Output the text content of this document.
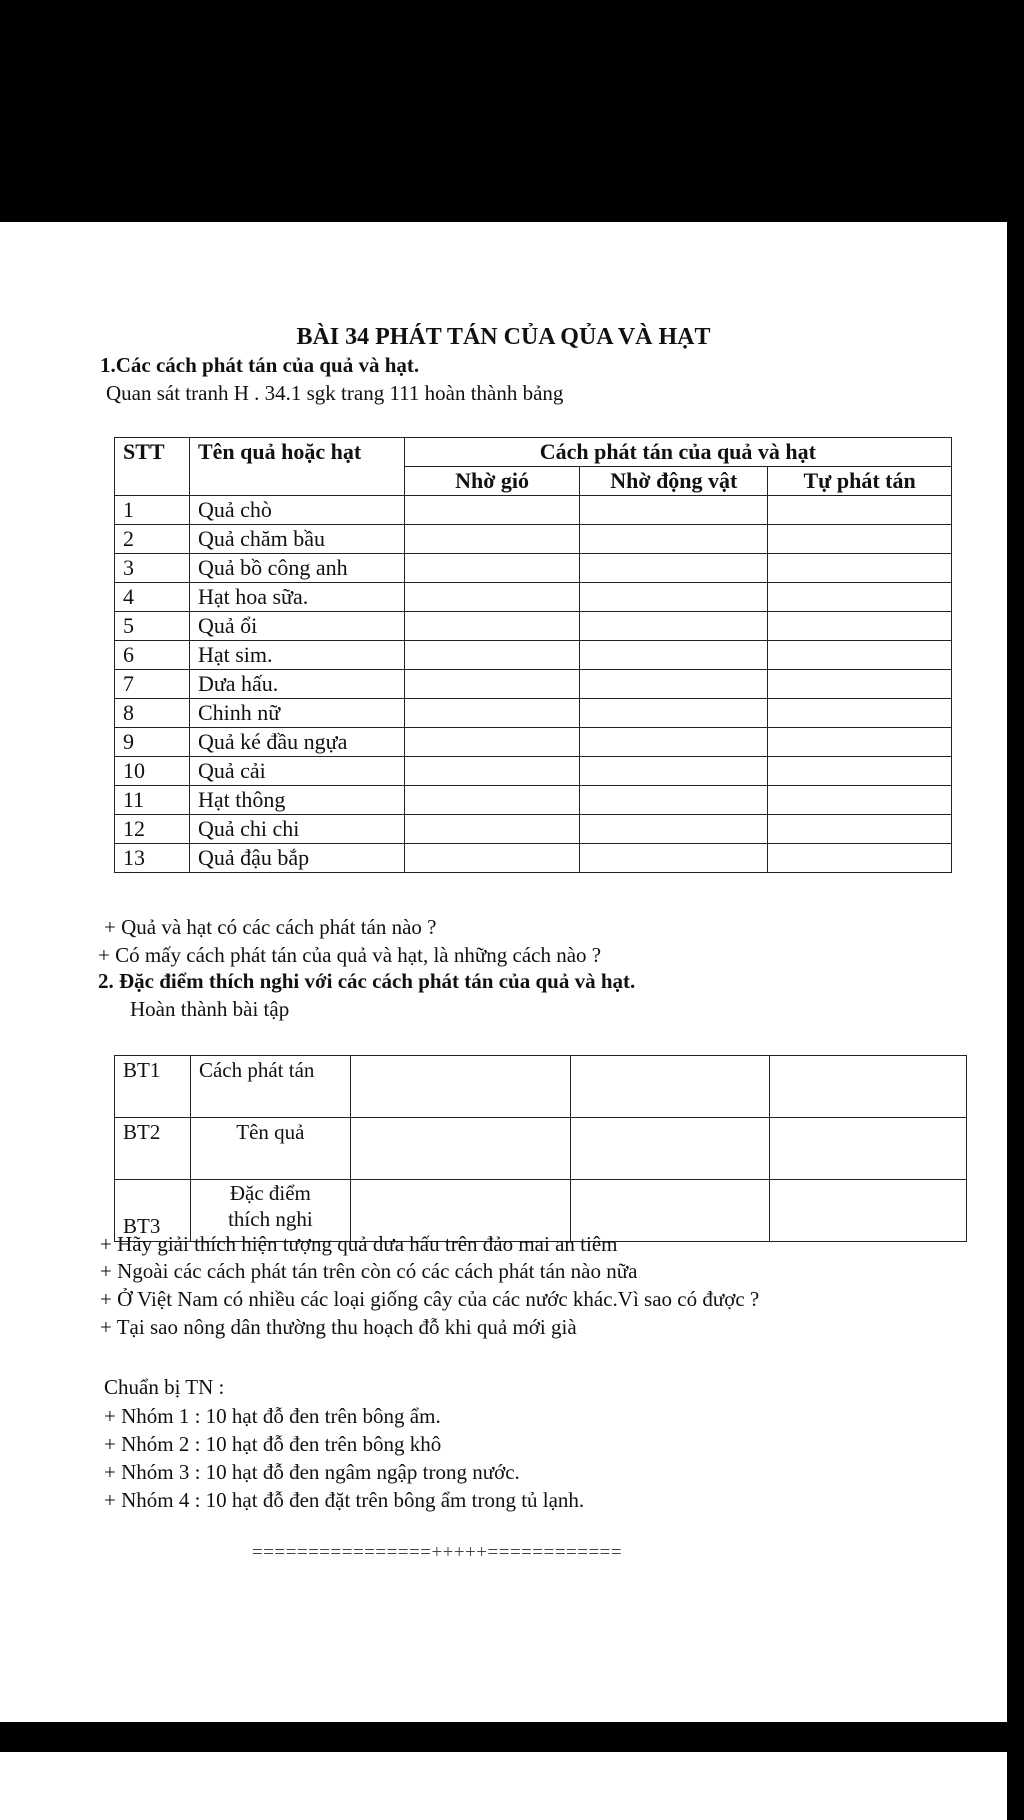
BÀI 34 PHÁT TÁN CỦA QỦA VÀ HẠT
1.Các cách phát tán của quả và hạt.
Quan sát tranh H . 34.1 sgk trang 111 hoàn thành bảng
STT	Tên quả hoặc hạt	Cách phát tán của quả và hạt		
		Nhờ gió	Nhờ động vật	Tự phát tán
1	Quả chò			
2	Quả chăm bầu			
3	Quả bồ công anh			
4	Hạt hoa sữa.			
5	Quả ổi			
6	Hạt sim.			
7	Dưa hấu.			
8	Chinh nữ			
9	Quả ké đầu ngựa			
10	Quả cải			
11	Hạt thông			
12	Quả chi chi			
13	Quả đậu bắp			
+ Quả và hạt có các cách phát tán nào ?
+ Có mấy cách phát tán của quả và hạt, là những cách nào ?
2. Đặc điểm thích nghi với các cách phát tán của quả và hạt.
Hoàn thành bài tập
BT1	Cách phát tán			
BT2	Tên quả			
BT3	Đặc điểm
thích nghi			

+ Hãy giải thích hiện tượng quả dưa hấu trên đảo mai an tiêm
+ Ngoài các cách phát tán trên còn có các cách phát tán nào nữa
+ Ở Việt Nam có nhiều các loại giống cây của các nước khác.Vì sao có được ?
+ Tại sao nông dân thường thu hoạch đỗ khi quả mới già
Chuẩn bị TN :
+ Nhóm 1 : 10 hạt đỗ đen trên bông ẩm.
+ Nhóm 2 : 10 hạt đỗ đen trên bông khô
+ Nhóm 3 : 10 hạt đỗ đen ngâm ngập trong nước.
+ Nhóm 4 : 10 hạt đỗ đen đặt trên bông ẩm trong tủ lạnh.
================+++++============
